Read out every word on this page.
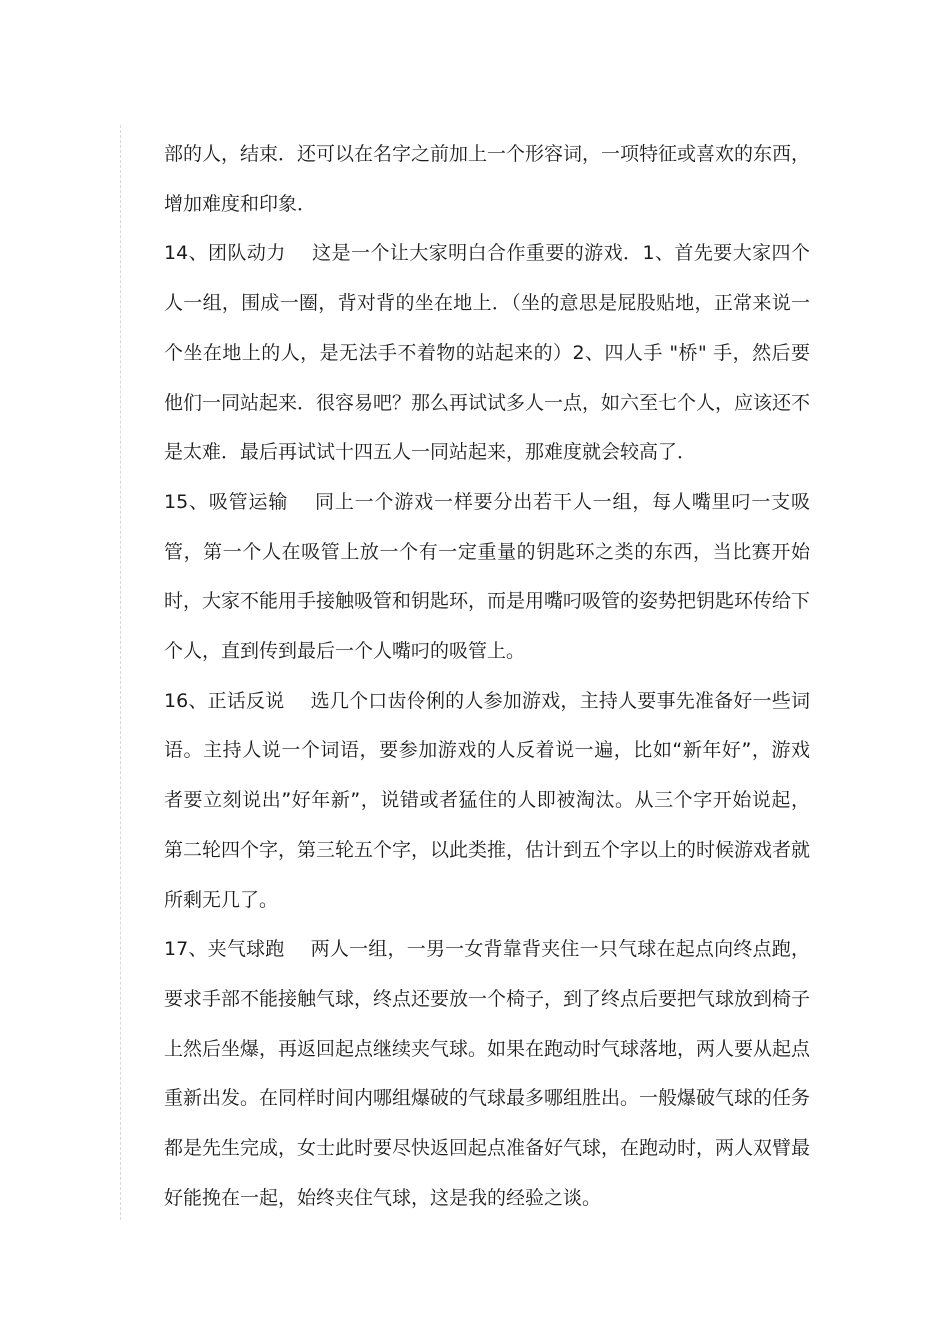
部的人，结束．还可以在名字之前加上一个形容词，一项特征或喜欢的东西，增加难度和印象．

14、团队动力 这是一个让大家明白合作重要的游戏．1、首先要大家四个人一组，围成一圈，背对背的坐在地上．（坐的意思是屁股贴地，正常来说一个坐在地上的人，是无法手不着物的站起来的）2、四人手 "桥" 手，然后要他们一同站起来．很容易吧？那么再试试多人一点，如六至七个人，应该还不是太难．最后再试试十四五人一同站起来，那难度就会较高了．

15、吸管运输 同上一个游戏一样要分出若干人一组，每人嘴里叼一支吸管，第一个人在吸管上放一个有一定重量的钥匙环之类的东西，当比赛开始时，大家不能用手接触吸管和钥匙环，而是用嘴叼吸管的姿势把钥匙环传给下个人，直到传到最后一个人嘴叼的吸管上。

16、正话反说 选几个口齿伶俐的人参加游戏，主持人要事先准备好一些词语。主持人说一个词语，要参加游戏的人反着说一遍，比如“新年好”，游戏者要立刻说出”好年新”，说错或者猛住的人即被淘汰。从三个字开始说起，第二轮四个字，第三轮五个字，以此类推，估计到五个字以上的时候游戏者就所剩无几了。

17、夹气球跑 两人一组，一男一女背靠背夹住一只气球在起点向终点跑，要求手部不能接触气球，终点还要放一个椅子，到了终点后要把气球放到椅子上然后坐爆，再返回起点继续夹气球。如果在跑动时气球落地，两人要从起点重新出发。在同样时间内哪组爆破的气球最多哪组胜出。一般爆破气球的任务都是先生完成，女士此时要尽快返回起点准备好气球，在跑动时，两人双臂最好能挽在一起，始终夹住气球，这是我的经验之谈。
